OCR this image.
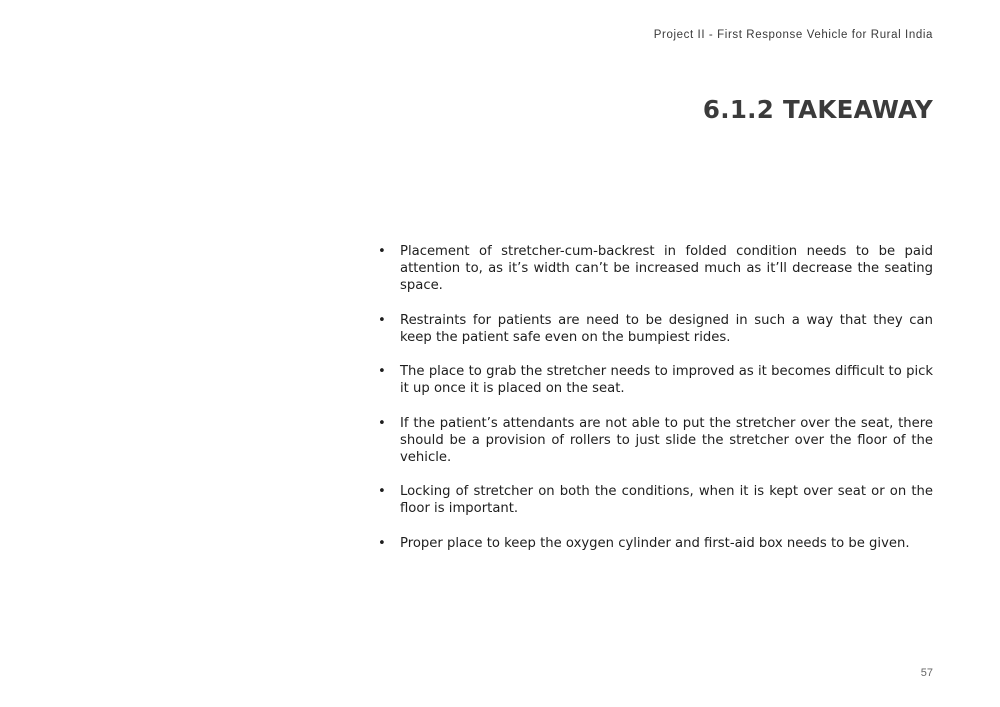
Project II - First Response Vehicle for Rural India
6.1.2 TAKEAWAY
• Placement of stretcher-cum-backrest in folded condition needs to be paid attention to, as it’s width can’t be increased much as it’ll decrease the seating space.
• Restraints for patients are need to be designed in such a way that they can keep the patient safe even on the bumpiest rides.
• The place to grab the stretcher needs to improved as it becomes difficult to pick it up once it is placed on the seat.
• If the patient’s attendants are not able to put the stretcher over the seat, there should be a provision of rollers to just slide the stretcher over the floor of the vehicle.
• Locking of stretcher on both the conditions, when it is kept over seat or on the floor is important.
• Proper place to keep the oxygen cylinder and first-aid box needs to be given.
57
